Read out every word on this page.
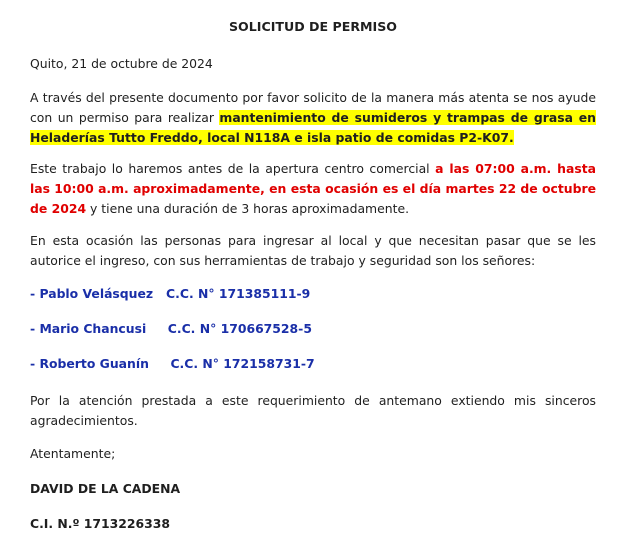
SOLICITUD DE PERMISO
Quito, 21 de octubre de 2024
A través del presente documento por favor solicito de la manera más atenta se nos ayude con un permiso para realizar mantenimiento de sumideros y trampas de grasa en Heladerías Tutto Freddo, local N118A e isla patio de comidas P2-K07.
Este trabajo lo haremos antes de la apertura centro comercial a las 07:00 a.m. hasta las 10:00 a.m. aproximadamente, en esta ocasión es el día martes 22 de octubre de 2024 y tiene una duración de 3 horas aproximadamente.
En esta ocasión las personas para ingresar al local y que necesitan pasar que se les autorice el ingreso, con sus herramientas de trabajo y seguridad son los señores:
- Pablo Velásquez   C.C. N° 171385111-9
- Mario Chancusi     C.C. N° 170667528-5
- Roberto Guanín     C.C. N° 172158731-7
Por la atención prestada a este requerimiento de antemano extiendo mis sinceros agradecimientos.
Atentamente;
DAVID DE LA CADENA
C.I. N.º 1713226338
